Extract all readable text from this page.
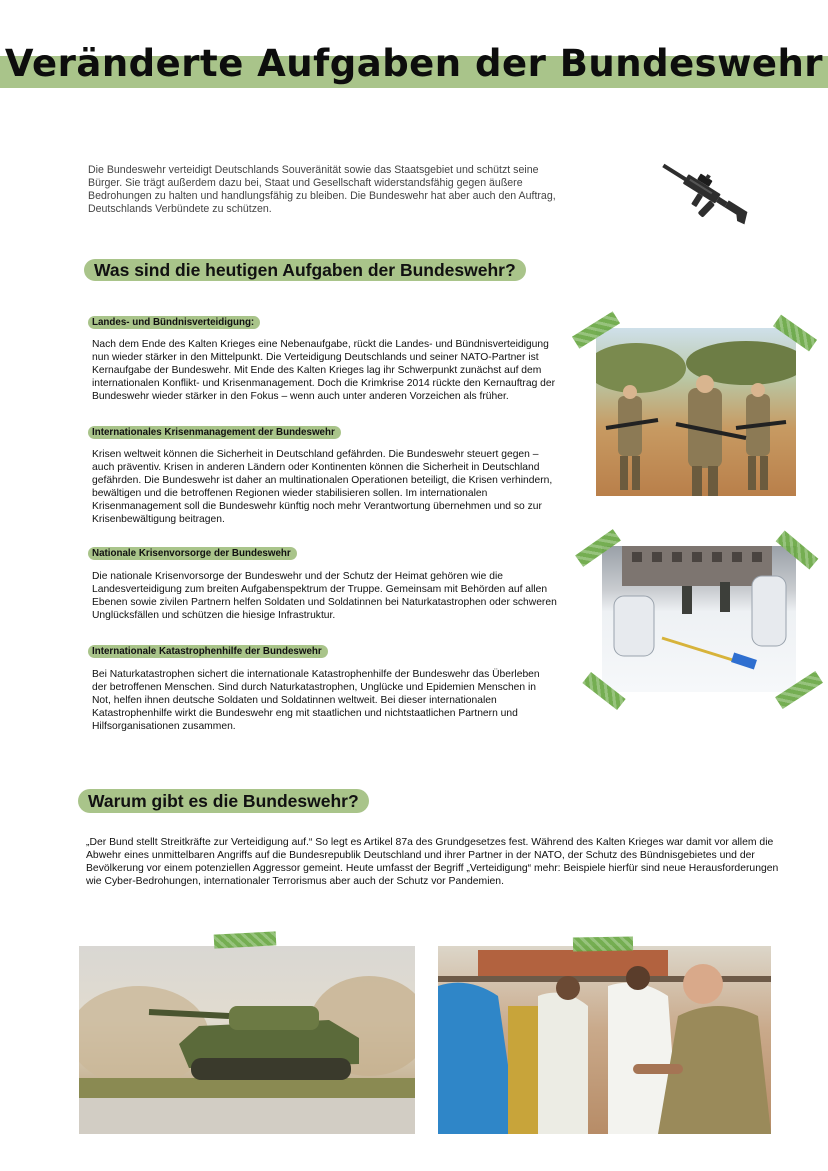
Veränderte Aufgaben der Bundeswehr

Die Bundeswehr verteidigt Deutschlands Souveränität sowie das Staatsgebiet und schützt seine Bürger. Sie trägt außerdem dazu bei, Staat und Gesellschaft widerstandsfähig gegen äußere Bedrohungen zu halten und handlungsfähig zu bleiben. Die Bundeswehr hat aber auch den Auftrag, Deutschlands Verbündete zu schützen.

Was sind die heutigen Aufgaben der Bundeswehr?
Landes- und Bündnisverteidigung:

Nach dem Ende des Kalten Krieges eine Nebenaufgabe, rückt die Landes- und Bündnisverteidigung nun wieder stärker in den Mittelpunkt. Die Verteidigung Deutschlands und seiner NATO-Partner ist Kernaufgabe der Bundeswehr. Mit Ende des Kalten Krieges lag ihr Schwerpunkt zunächst auf dem internationalen Konflikt- und Krisenmanagement. Doch die Krimkrise 2014 rückte den Kernauftrag der Bundeswehr wieder stärker in den Fokus – wenn auch unter anderen Vorzeichen als früher.

Internationales Krisenmanagement der Bundeswehr

Krisen weltweit können die Sicherheit in Deutschland gefährden. Die Bundeswehr steuert gegen – auch präventiv. Krisen in anderen Ländern oder Kontinenten können die Sicherheit in Deutschland gefährden. Die Bundeswehr ist daher an multinationalen Operationen beteiligt, die Krisen verhindern, bewältigen und die betroffenen Regionen wieder stabilisieren sollen. Im internationalen Krisenmanagement soll die Bundeswehr künftig noch mehr Verantwortung übernehmen und so zur Krisenbewältigung beitragen.

Nationale Krisenvorsorge der Bundeswehr

Die nationale Krisenvorsorge der Bundeswehr und der Schutz der Heimat gehören wie die Landesverteidigung zum breiten Aufgabenspektrum der Truppe. Gemeinsam mit Behörden auf allen Ebenen sowie zivilen Partnern helfen Soldaten und Soldatinnen bei Naturkatastrophen oder schweren Unglücksfällen und schützen die hiesige Infrastruktur.

Internationale Katastrophenhilfe der Bundeswehr

Bei Naturkatastrophen sichert die internationale Katastrophenhilfe der Bundeswehr das Überleben der betroffenen Menschen. Sind durch Naturkatastrophen, Unglücke und Epidemien Menschen in Not, helfen ihnen deutsche Soldaten und Soldatinnen weltweit. Bei dieser internationalen Katastrophenhilfe wirkt die Bundeswehr eng mit staatlichen und nichtstaatlichen Partnern und Hilfsorganisationen zusammen.

Warum gibt es die Bundeswehr?

„Der Bund stellt Streitkräfte zur Verteidigung auf.“ So legt es Artikel 87a des Grundgesetzes fest. Während des Kalten Krieges war damit vor allem die Abwehr eines unmittelbaren Angriffs auf die Bundesrepublik Deutschland und ihrer Partner in der NATO, der Schutz des Bündnisgebietes und der Bevölkerung vor einem potenziellen Aggressor gemeint. Heute umfasst der Begriff „Verteidigung“ mehr: Beispiele hierfür sind neue Herausforderungen wie Cyber-Bedrohungen, internationaler Terrorismus aber auch der Schutz vor Pandemien.
